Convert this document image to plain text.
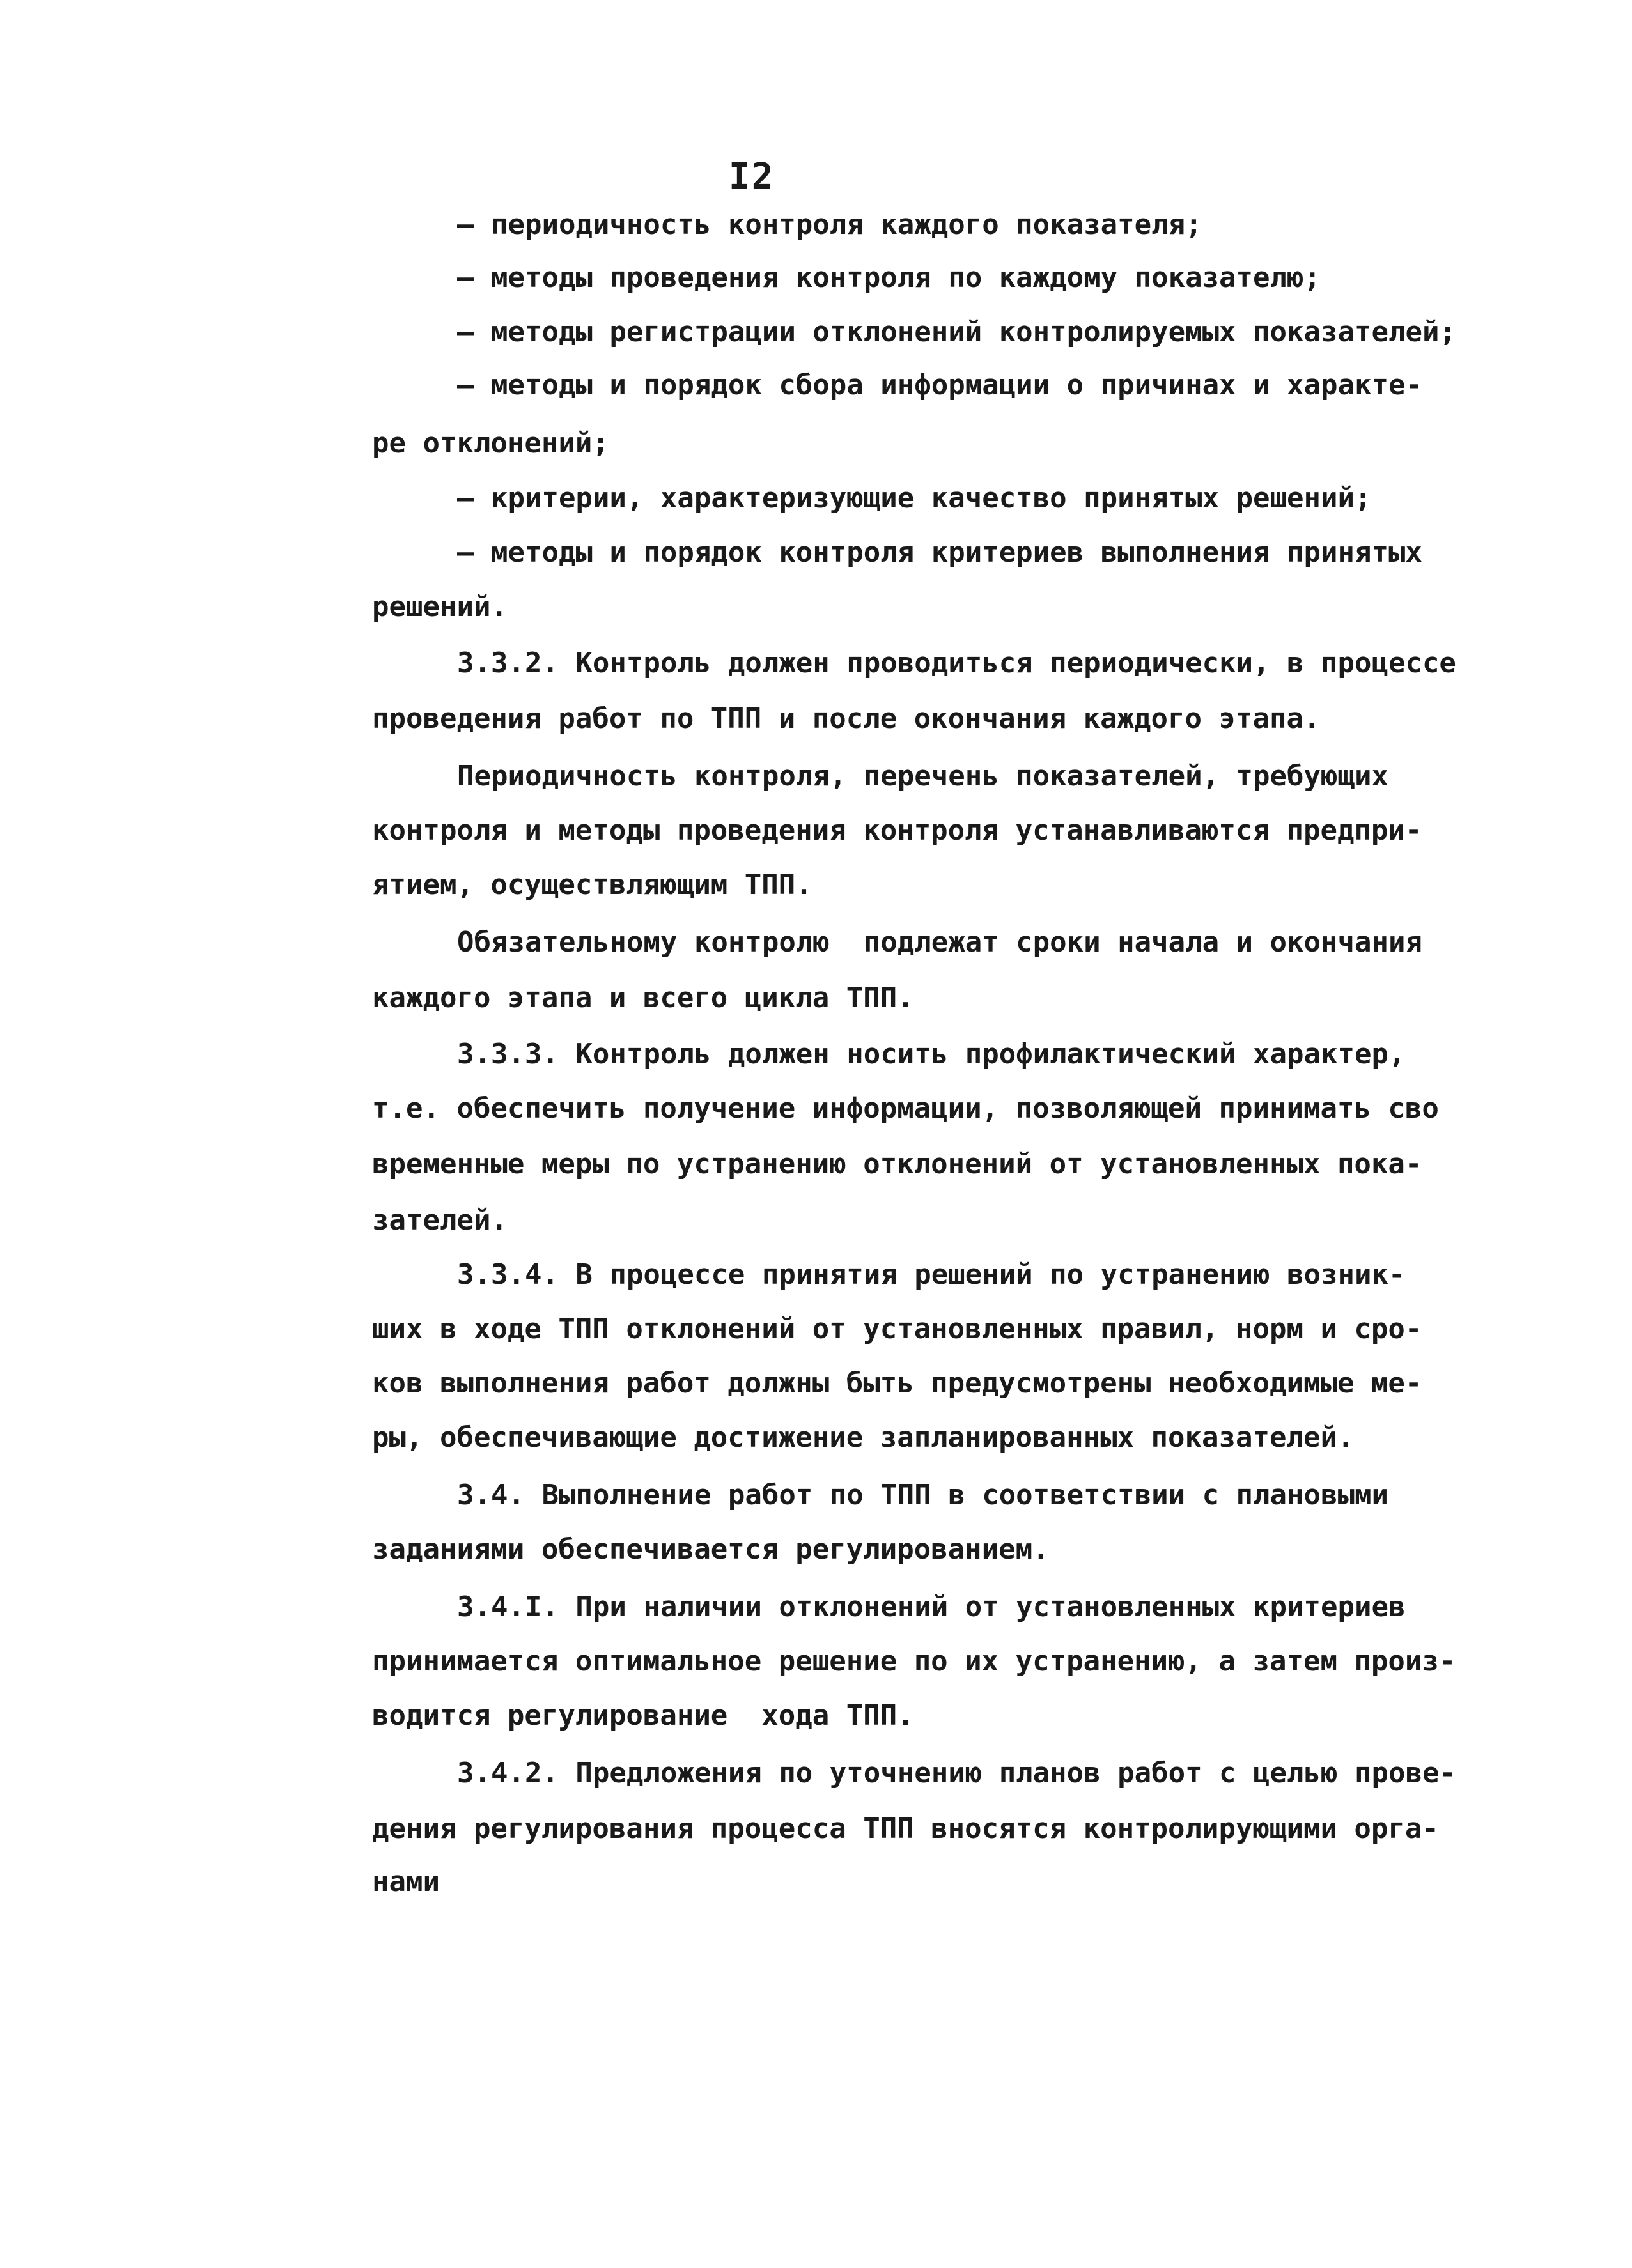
I2
– периодичность контроля каждого показателя;
– методы проведения контроля по каждому показателю;
– методы регистрации отклонений контролируемых показателей;
– методы и порядок сбора информации о причинах и характе-
ре отклонений;
– критерии, характеризующие качество принятых решений;
– методы и порядок контроля критериев выполнения принятых
решений.
3.3.2. Контроль должен проводиться периодически, в процессе
проведения работ по ТПП и после окончания каждого этапа.
Периодичность контроля, перечень показателей, требующих
контроля и методы проведения контроля устанавливаются предпри-
ятием, осуществляющим ТПП.
Обязательному контролю  подлежат сроки начала и окончания
каждого этапа и всего цикла ТПП.
3.3.3. Контроль должен носить профилактический характер,
т.е. обеспечить получение информации, позволяющей принимать сво
временные меры по устранению отклонений от установленных пока-
зателей.
3.3.4. В процессе принятия решений по устранению возник-
ших в ходе ТПП отклонений от установленных правил, норм и сро-
ков выполнения работ должны быть предусмотрены необходимые ме-
ры, обеспечивающие достижение запланированных показателей.
3.4. Выполнение работ по ТПП в соответствии с плановыми
заданиями обеспечивается регулированием.
3.4.I. При наличии отклонений от установленных критериев
принимается оптимальное решение по их устранению, а затем произ-
водится регулирование  хода ТПП.
3.4.2. Предложения по уточнению планов работ с целью прове-
дения регулирования процесса ТПП вносятся контролирующими орга-
нами
